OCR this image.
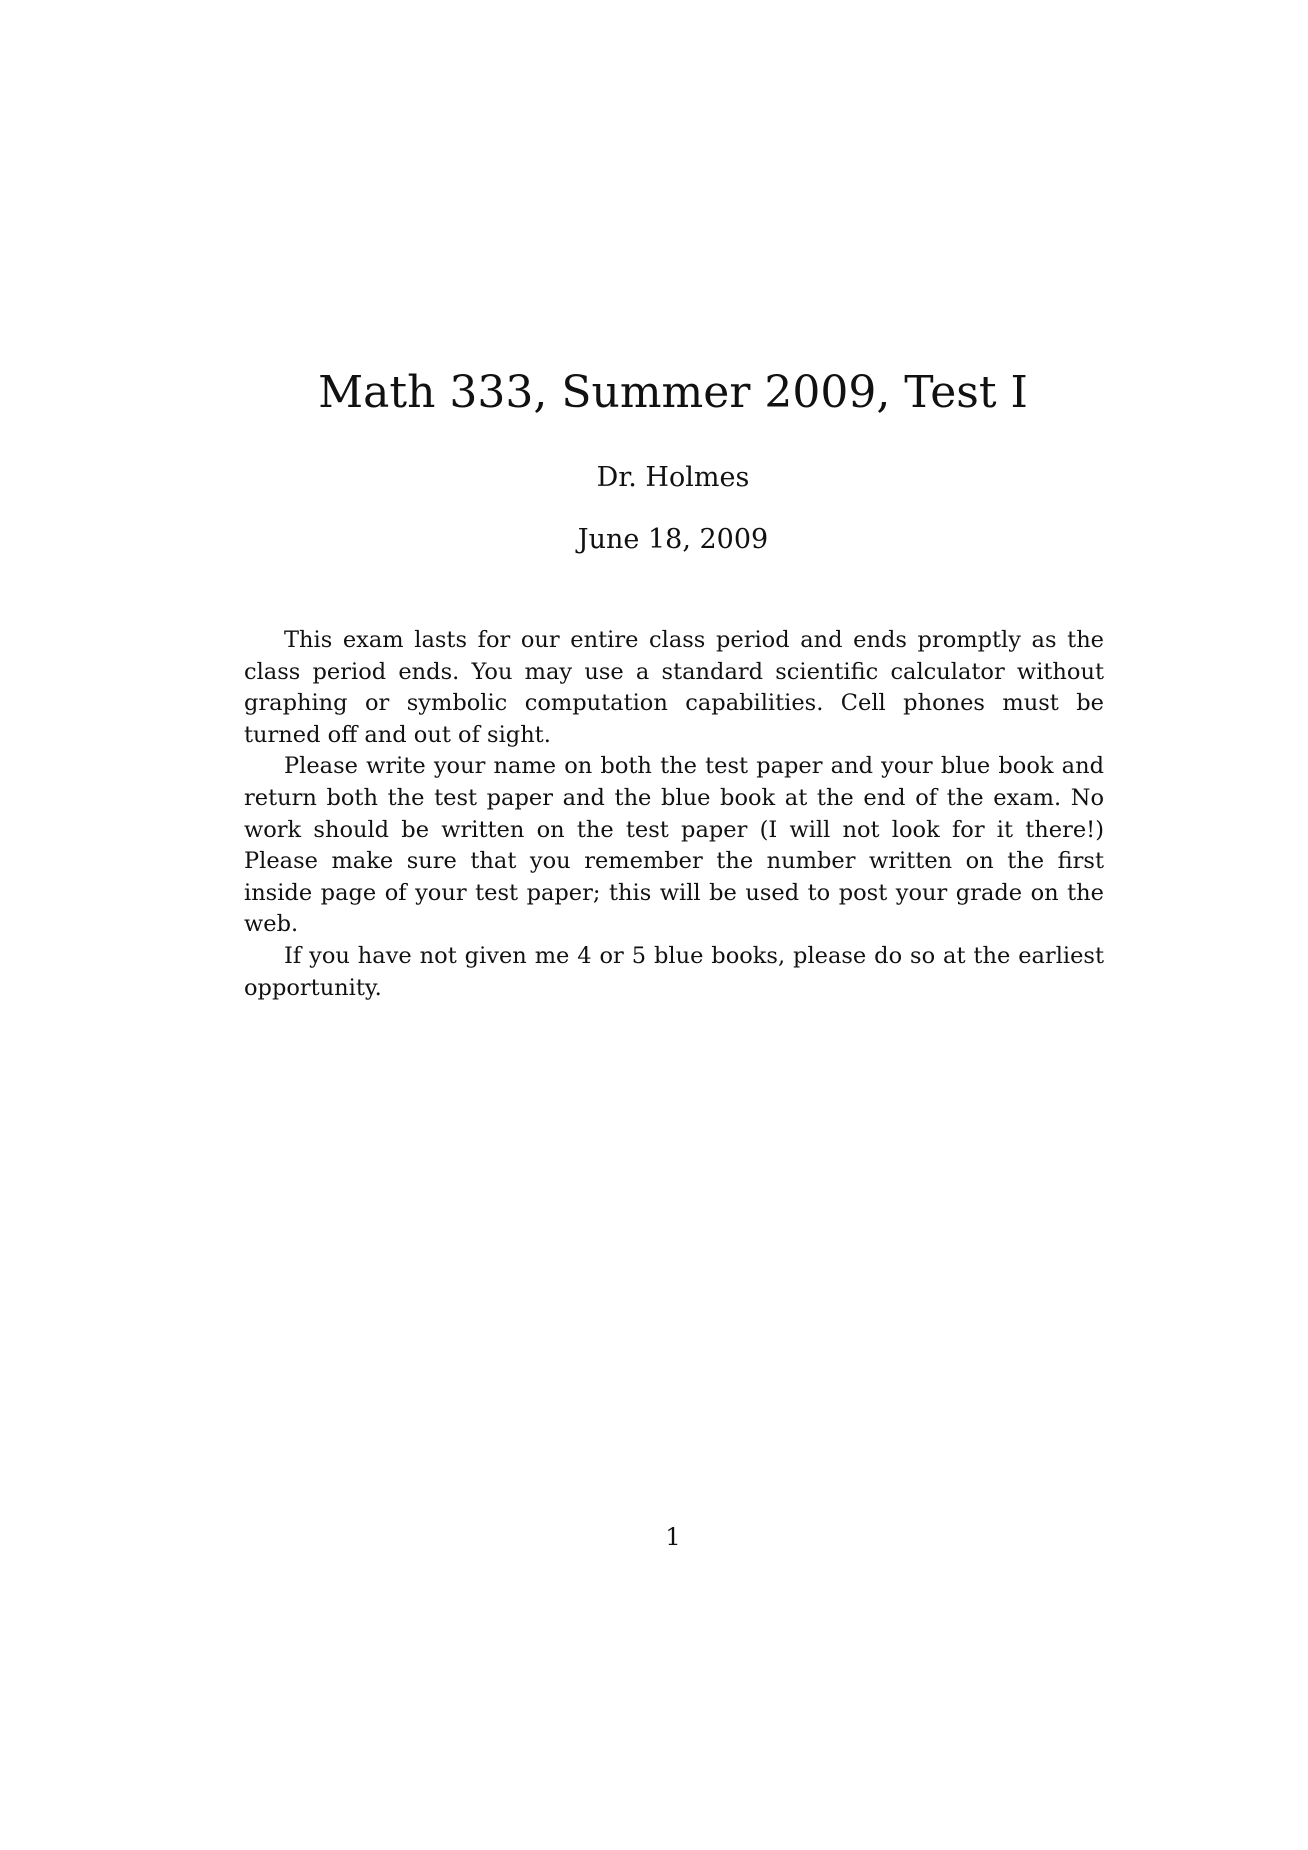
Math 333, Summer 2009, Test I
Dr. Holmes
June 18, 2009

This exam lasts for our entire class period and ends promptly as the class period ends. You may use a standard scientific calculator without graphing or symbolic computation capabilities. Cell phones must be turned off and out of sight.

Please write your name on both the test paper and your blue book and return both the test paper and the blue book at the end of the exam. No work should be written on the test paper (I will not look for it there!) Please make sure that you remember the number written on the first inside page of your test paper; this will be used to post your grade on the web.

If you have not given me 4 or 5 blue books, please do so at the earliest opportunity.

1
